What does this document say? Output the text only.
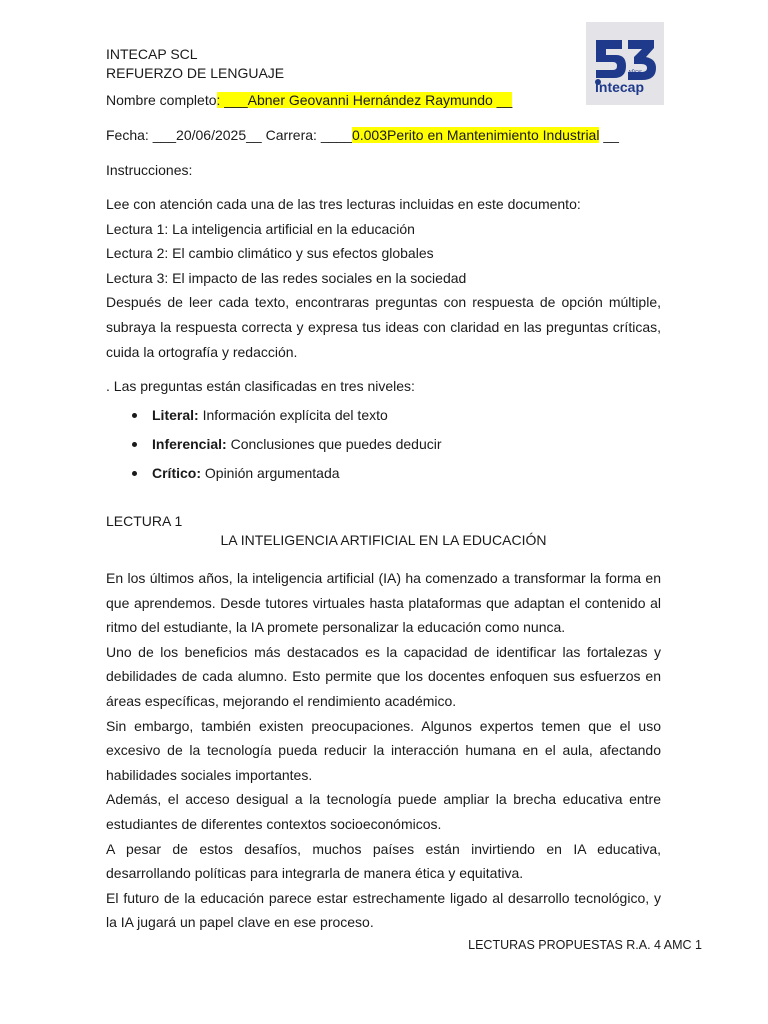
INTECAP SCL
REFUERZO DE LENGUAJE	AÑOS
intecap
Nombre completo: ___Abner Geovanni Hernández Raymundo __
Fecha: ___20/06/2025__ Carrera: ____0.003Perito en Mantenimiento Industrial __
Instrucciones:

Lee con atención cada una de las tres lecturas incluidas en este documento:

Lectura 1: La inteligencia artificial en la educación

Lectura 2: El cambio climático y sus efectos globales

Lectura 3: El impacto de las redes sociales en la sociedad

Después de leer cada texto, encontraras preguntas con respuesta de opción múltiple, subraya la respuesta correcta y expresa tus ideas con claridad en las preguntas críticas, cuida la ortografía y redacción.

. Las preguntas están clasificadas en tres niveles:
Literal: Información explícita del texto
Inferencial: Conclusiones que puedes deducir
Crítico: Opinión argumentada
LECTURA 1
LA INTELIGENCIA ARTIFICIAL EN LA EDUCACIÓN

En los últimos años, la inteligencia artificial (IA) ha comenzado a transformar la forma en que aprendemos. Desde tutores virtuales hasta plataformas que adaptan el contenido al ritmo del estudiante, la IA promete personalizar la educación como nunca.

Uno de los beneficios más destacados es la capacidad de identificar las fortalezas y debilidades de cada alumno. Esto permite que los docentes enfoquen sus esfuerzos en áreas específicas, mejorando el rendimiento académico.

Sin embargo, también existen preocupaciones. Algunos expertos temen que el uso excesivo de la tecnología pueda reducir la interacción humana en el aula, afectando habilidades sociales importantes.

Además, el acceso desigual a la tecnología puede ampliar la brecha educativa entre estudiantes de diferentes contextos socioeconómicos.

A pesar de estos desafíos, muchos países están invirtiendo en IA educativa, desarrollando políticas para integrarla de manera ética y equitativa.

El futuro de la educación parece estar estrechamente ligado al desarrollo tecnológico, y la IA jugará un papel clave en ese proceso.

LECTURAS PROPUESTAS R.A. 4 AMC 1
